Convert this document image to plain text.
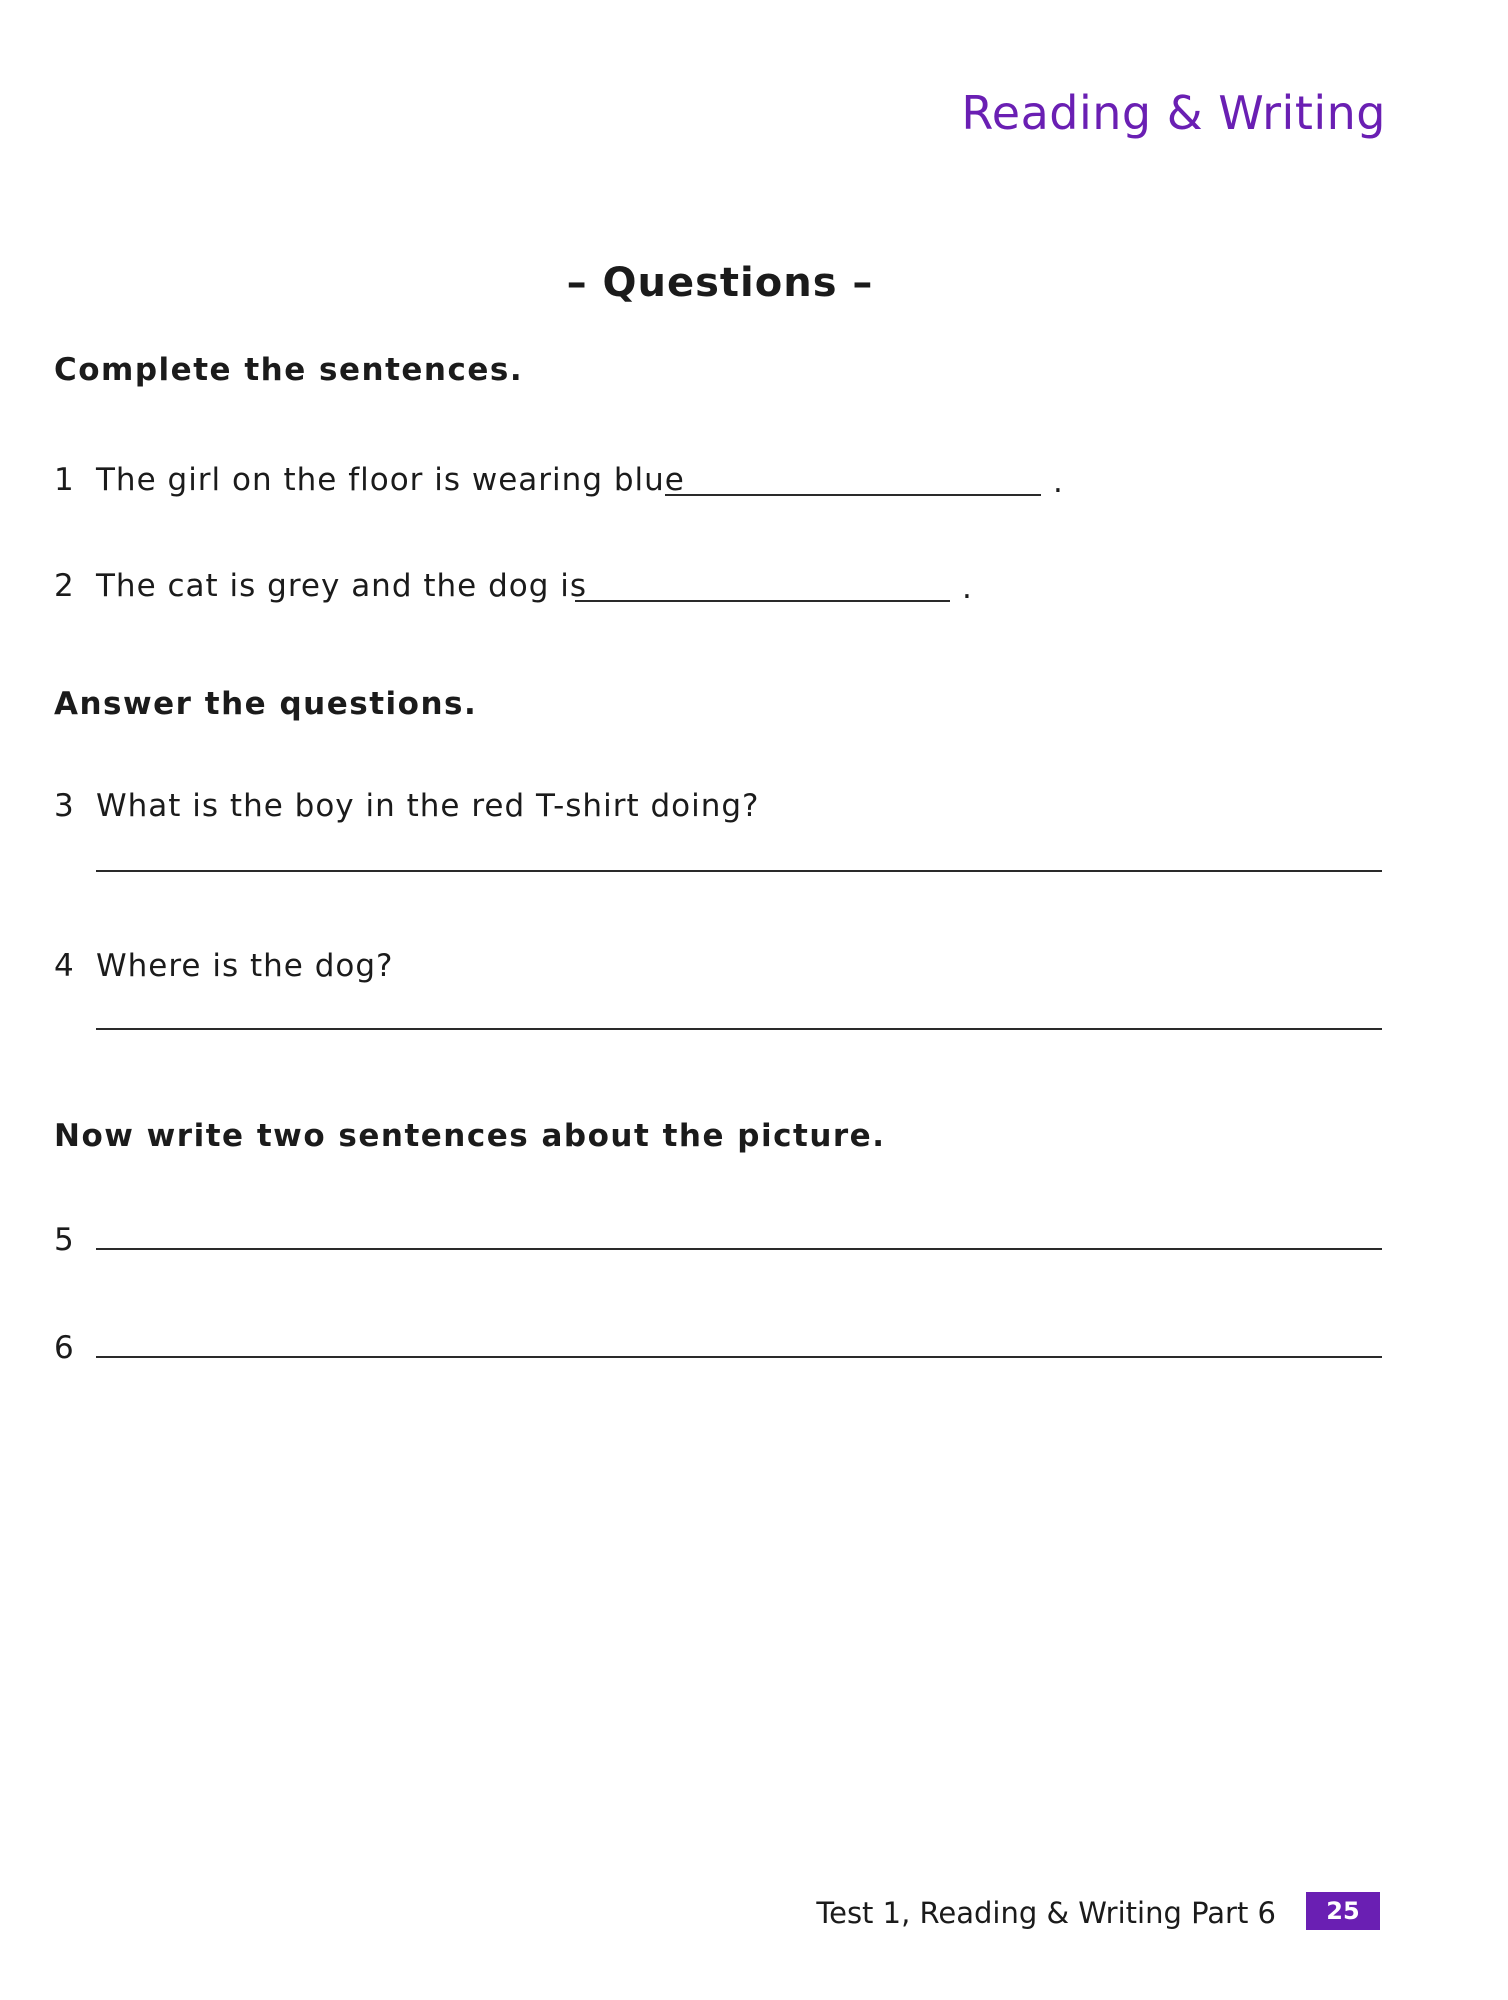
Reading & Writing
– Questions –
Complete the sentences.
1 The girl on the floor is wearing blue	.
2 The cat is grey and the dog is	.
Answer the questions.
3 What is the boy in the red T-shirt doing?
4 Where is the dog?
Now write two sentences about the picture.
5
6
Test 1, Reading & Writing Part 6	25
